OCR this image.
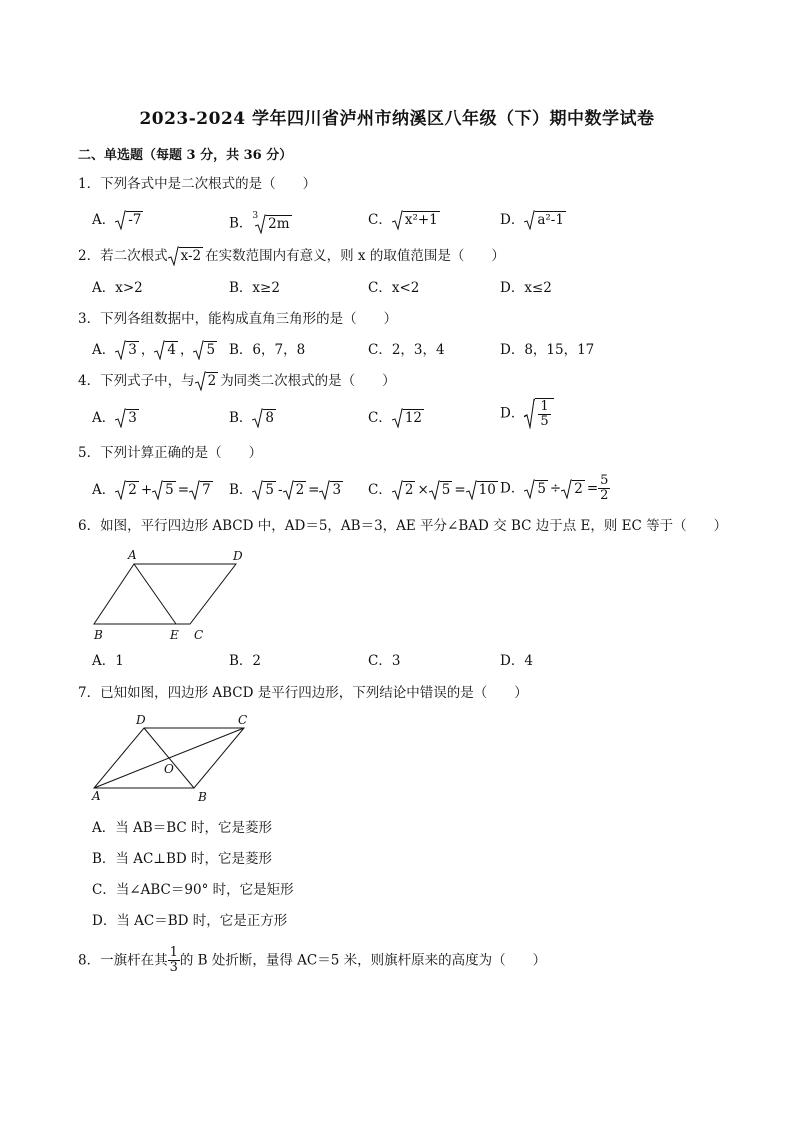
2023-2024 学年四川省泸州市纳溪区八年级（下）期中数学试卷
二、单选题（每题 3 分，共 36 分）
1．下列各式中是二次根式的是（　　）
A． -7	B．$^3$ 2m	C． x²+1	D． a²-1
2．若二次根式 x-2 在实数范围内有意义，则 x 的取值范围是（　　）
A．x>2	B．x≥2	C．x<2	D．x≤2
3．下列各组数据中，能构成直角三角形的是（　　）
A． 3 ， 4 ， 5 B．6，7，8	C．2，3，4	D．8，15，17
4．下列式子中，与 2 为同类二次根式的是（　　）
A． 3	B． 8	C． 12	D． $\frac{1}{5}$
5．下列计算正确的是（　　）
A． 2 + 5 = 7 B． 5 - 2 = 3 C． 2 × 5 = 10 D． $5 \div 2 = \frac{5}{2}$
6．如图，平行四边形 ABCD 中，AD＝5，AB＝3，AE 平分∠BAD 交 BC 边于点 E，则 EC 等于（　　）
A	D
B	E C
A．1	B．2	C．3	D．4
7．已知如图，四边形 ABCD 是平行四边形，下列结论中错误的是（　　）
D	C
O
A	B
A．当 AB＝BC 时，它是菱形
B．当 AC⊥BD 时，它是菱形
C．当∠ABC＝90° 时，它是矩形
D．当 AC＝BD 时，它是正方形
8．一旗杆在其 $\frac{1}{3}$ 的 B 处折断，量得 AC＝5 米，则旗杆原来的高度为（　　）
